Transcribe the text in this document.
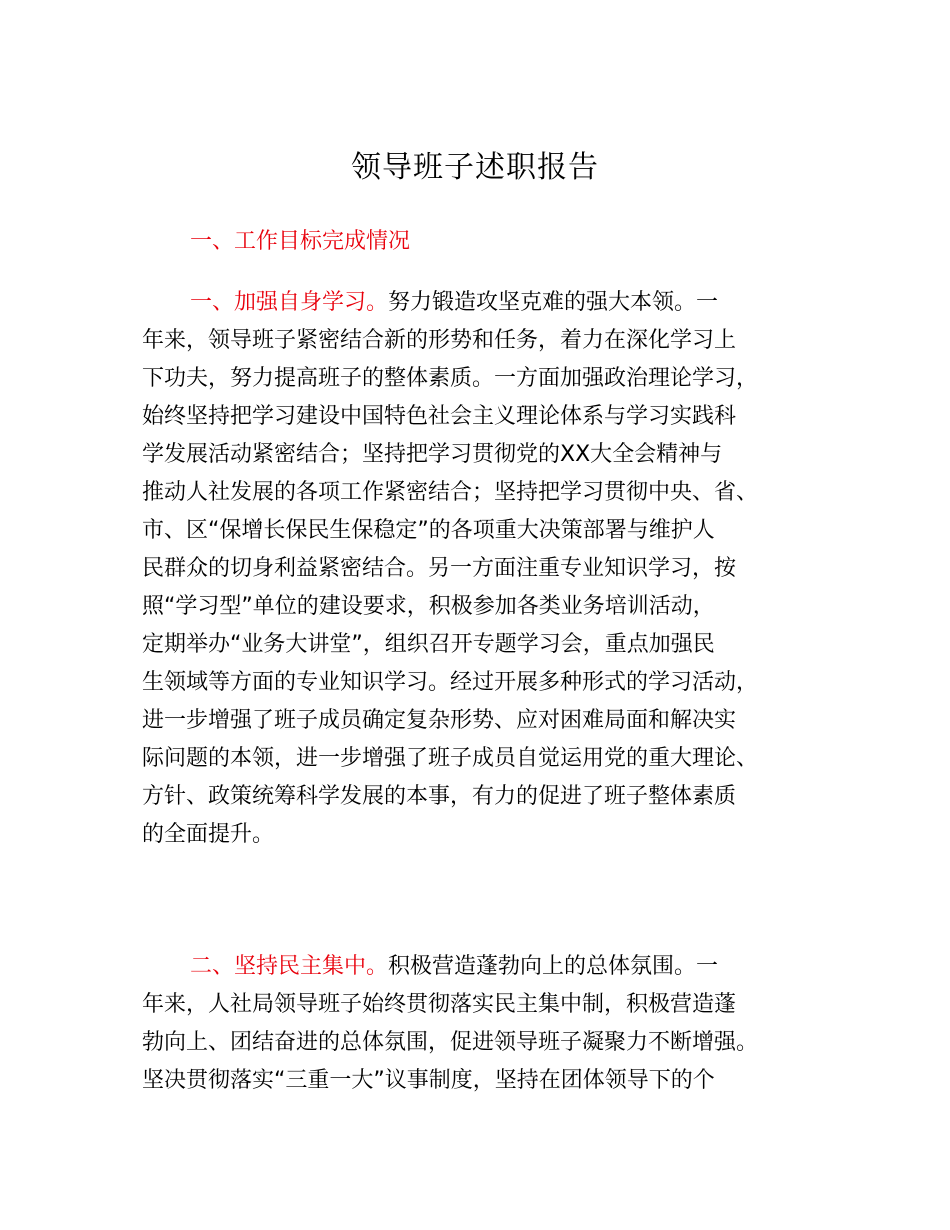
领导班子述职报告
一、工作目标完成情况
一、加强自身学习。努力锻造攻坚克难的强大本领。一
年来，领导班子紧密结合新的形势和任务，着力在深化学习上
下功夫，努力提高班子的整体素质。一方面加强政治理论学习，
始终坚持把学习建设中国特色社会主义理论体系与学习实践科
学发展活动紧密结合；坚持把学习贯彻党的XX大全会精神与
推动人社发展的各项工作紧密结合；坚持把学习贯彻中央、省、
市、区“保增长保民生保稳定”的各项重大决策部署与维护人
民群众的切身利益紧密结合。另一方面注重专业知识学习，按
照“学习型”单位的建设要求，积极参加各类业务培训活动，
定期举办“业务大讲堂”，组织召开专题学习会，重点加强民
生领域等方面的专业知识学习。经过开展多种形式的学习活动，
进一步增强了班子成员确定复杂形势、应对困难局面和解决实
际问题的本领，进一步增强了班子成员自觉运用党的重大理论、
方针、政策统筹科学发展的本事，有力的促进了班子整体素质
的全面提升。
二、坚持民主集中。积极营造蓬勃向上的总体氛围。一
年来，人社局领导班子始终贯彻落实民主集中制，积极营造蓬
勃向上、团结奋进的总体氛围，促进领导班子凝聚力不断增强。
坚决贯彻落实“三重一大”议事制度，坚持在团体领导下的个
